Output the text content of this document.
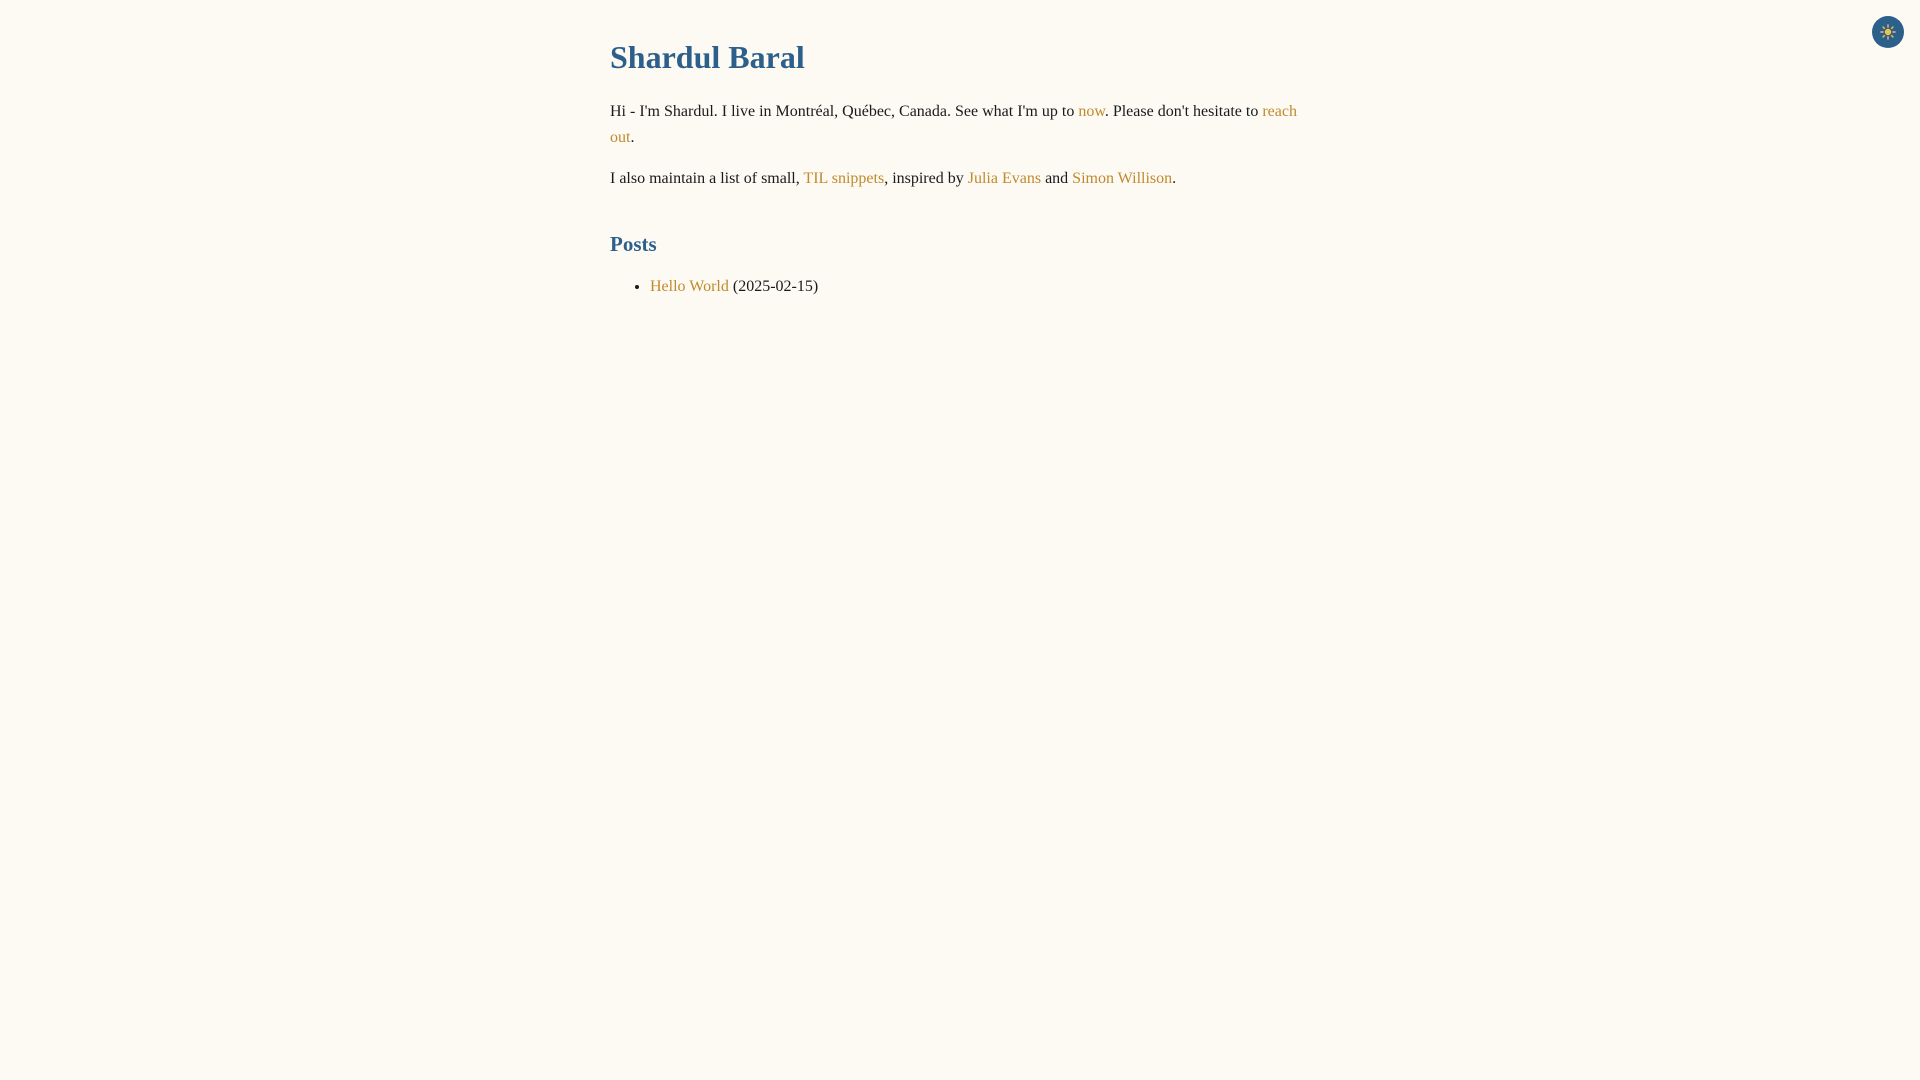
Shardul Baral

Hi - I'm Shardul. I live in Montréal, Québec, Canada. See what I'm up to now. Please don't hesitate to reach out.

I also maintain a list of small, TIL snippets, inspired by Julia Evans and Simon Willison.

Posts
• Hello World (2025-02-15)
